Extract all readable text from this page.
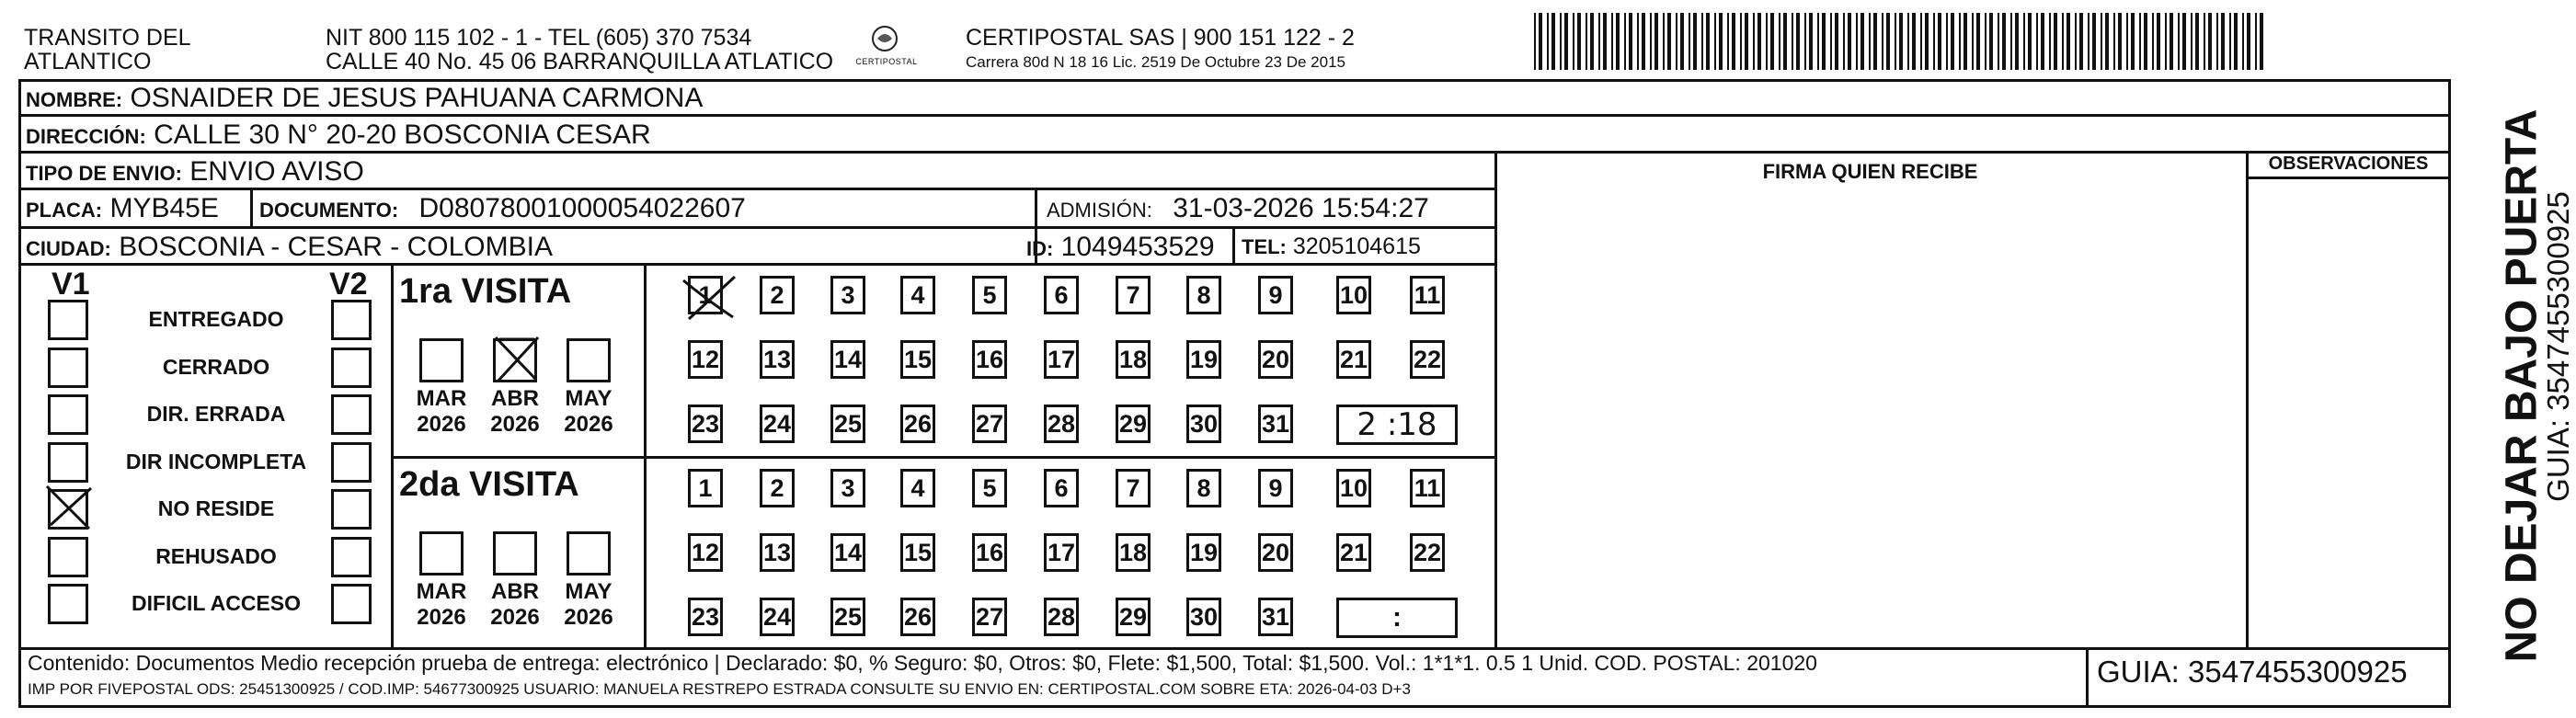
TRANSITO DEL
ATLANTICO
NIT 800 115 102 - 1 - TEL (605) 370 7534
CALLE 40 No. 45 06 BARRANQUILLA ATLATICO	CERTIPOSTAL
CERTIPOSTAL SAS | 900 151 122 - 2
Carrera 80d N 18 16 Lic. 2519 De Octubre 23 De 2015
NOMBRE: OSNAIDER DE JESUS PAHUANA CARMONA
DIRECCIÓN: CALLE 30 N° 20-20 BOSCONIA CESAR
TIPO DE ENVIO: ENVIO AVISO	FIRMA QUIEN RECIBE	OBSERVACIONES
PLACA: MYB45E DOCUMENTO: D08078001000054022607	ADMISIÓN: 31-03-2026 15:54:27
CIUDAD: BOSCONIA - CESAR - COLOMBIA	ID: 1049453529 TEL: 3205104615
V1	V2
ENTREGADO
CERRADO
DIR. ERRADA
DIR INCOMPLETA
NO RESIDE
REHUSADO
DIFICIL ACCESO
1ra VISITA
MAR
2026
ABR
2026
MAY
2026
1 2 3 4 5 6 7 8 9 10 11
12 13 14 15 16 17 18 19 20 21 22
23 24 25 26 27 28 29 30 31 2 :18
2da VISITA
MAR
2026
ABR
2026
MAY
2026
1 2 3 4 5 6 7 8 9 10 11
12 13 14 15 16 17 18 19 20 21 22
23 24 25 26 27 28 29 30 31	:
Contenido: Documentos Medio recepción prueba de entrega: electrónico | Declarado: $0, % Seguro: $0, Otros: $0, Flete: $1,500, Total: $1,500. Vol.: 1*1*1. 0.5 1 Unid. COD. POSTAL: 201020
IMP POR FIVEPOSTAL ODS: 25451300925 / COD.IMP: 54677300925 USUARIO: MANUELA RESTREPO ESTRADA CONSULTE SU ENVIO EN: CERTIPOSTAL.COM SOBRE ETA: 2026-04-03 D+3
GUIA: 3547455300925
NO DEJAR BAJO PUERTA
GUIA: 3547455300925
